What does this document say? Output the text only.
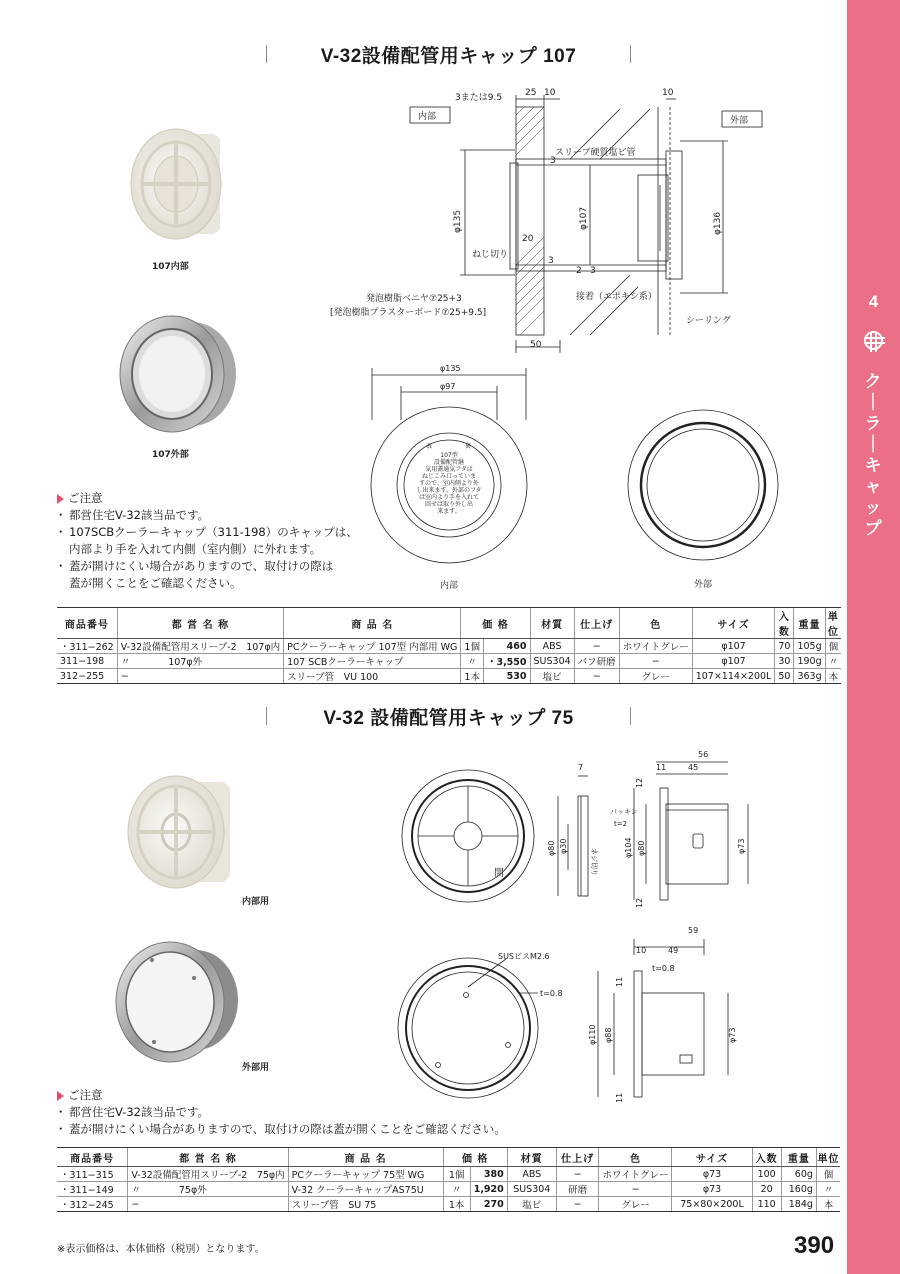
4
ク
｜
ラ
｜
キ
ャ
ッ
プ
V-32設備配管用キャップ 107
107内部
107外部
内部	外部
3または9.5	25 10	10
φ135	φ107	φ136
20
3
3
2 3
50
スリーブ硬質塩ビ管
ねじ切り
発泡樹脂ベニヤ⑦25+3
[発泡樹脂プラスターボード⑦25+9.5]
接着（エポキシ系）
シーリング
φ135
φ97
表	裏
107型
設備配管継
気用蓋通気フタは
ねじこみ口っていま
すので、室内側より外
し出来ます。外部のフタ
は室内より手を入れて
回せば取り外し出
来ます。
内部	外部
ご注意
・ 都営住宅V-32該当品です。
・ 107SCBクーラーキャップ（311-198）のキャップは、
内部より手を入れて内側（室内側）に外れます。
・ 蓋が開けにくい場合がありますので、取付けの際は
蓋が開くことをご確認ください。
商品番号	都 営 名 称	商 品 名	価 格		材質	仕上げ	色	サイズ	入数	重量	単位
・311−262	V-32設備配管用スリーブ-2　107φ内	PCクーラーキャップ 107型 内部用 WG	1個	460	ABS	−	ホワイトグレー	φ107	70	105g	個
311−198	〃　　　　107φ外	107 SCBクーラーキャップ	〃	・3,550	SUS304	バフ研磨	−	φ107	30	190g	〃
312−255	−	スリーブ管　VU 100	1本	530	塩ビ	−	グレー	107×114×200L	50	363g	本
V-32 設備配管用キャップ 75
内部用
外部用
開
7
56
11	45
12
φ80 φ30	φ104 φ80	φ73
12
パッキン
t=2
ネジ切り
SUSビスM2.6
59
10	49
t=0.8
11
φ110 φ88	φ73
11
t=0.8
ご注意
・ 都営住宅V-32該当品です。
・ 蓋が開けにくい場合がありますので、取付けの際は蓋が開くことをご確認ください。
商品番号	都 営 名 称	商 品 名	価 格		材質	仕上げ	色	サイズ	入数	重量	単位
・311−315	V-32設備配管用スリーブ-2　75φ内	PCクーラーキャップ 75型 WG	1個	380	ABS	−	ホワイトグレー	φ73	100	60g	個
・311−149	〃　　　　75φ外	V-32 クーラーキャップAS75U	〃	1,920	SUS304	研磨	−	φ73	20	160g	〃
・312−245	−	スリーブ管　SU 75	1本	270	塩ビ	−	グレー	75×80×200L	110	184g	本
※表示価格は、本体価格（税別）となります。	390
